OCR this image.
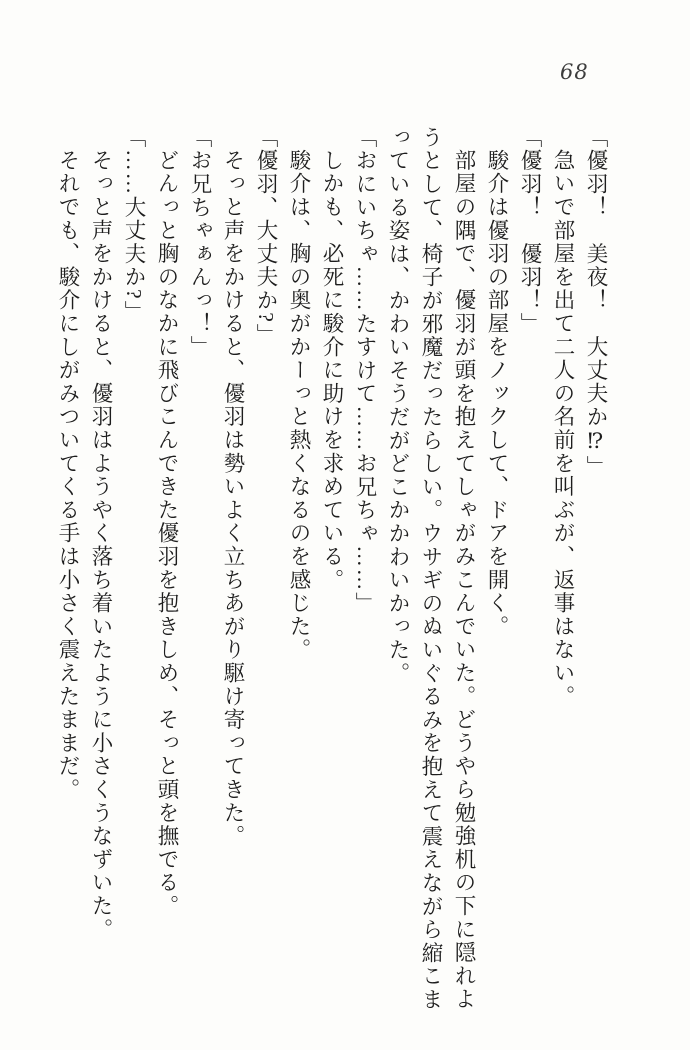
68

「優羽！　美夜！　大丈夫か⁉」

急いで部屋を出て二人の名前を叫ぶが、返事はない。

「優羽！　優羽！」

駿介は優羽の部屋をノックして、ドアを開く。

部屋の隅で、優羽が頭を抱えてしゃがみこんでいた。どうやら勉強机の下に隠れよ

うとして、椅子が邪魔だったらしい。ウサギのぬいぐるみを抱えて震えながら縮こま

っている姿は、かわいそうだがどこかかわいかった。

「おにいちゃ……たすけて……お兄ちゃ……」

しかも、必死に駿介に助けを求めている。

駿介は、胸の奥がかーっと熱くなるのを感じた。

「優羽、大丈夫か?」

そっと声をかけると、優羽は勢いよく立ちあがり駆け寄ってきた。

「お兄ちゃぁんっ！」

どんっと胸のなかに飛びこんできた優羽を抱きしめ、そっと頭を撫でる。

「……大丈夫か?」

そっと声をかけると、優羽はようやく落ち着いたように小さくうなずいた。

それでも、駿介にしがみついてくる手は小さく震えたままだ。
